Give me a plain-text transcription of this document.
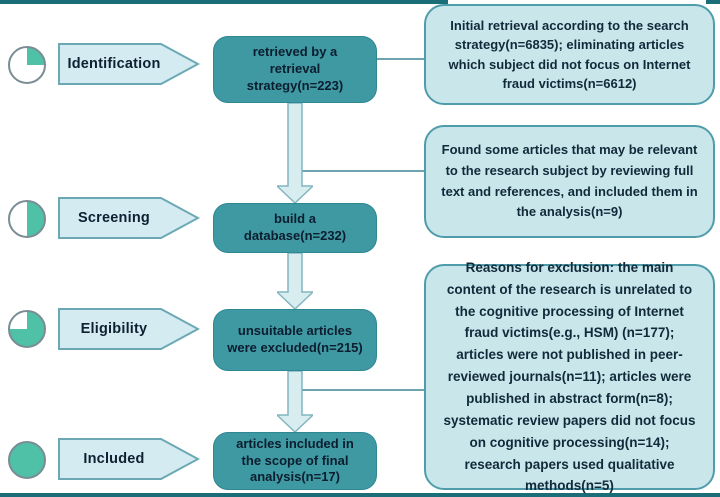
Identification
Screening
Eligibility
Included
retrieved by a retrieval strategy(n=223)
build a database(n=232)
unsuitable articles were excluded(n=215)
articles included in the scope of final analysis(n=17)
Initial retrieval according to the search strategy(n=6835); eliminating articles which subject did not focus on Internet fraud victims(n=6612)
Found some articles that may be relevant to the research subject by reviewing full text and references, and included them in the analysis(n=9)
Reasons for exclusion: the main content of the research is unrelated to the cognitive processing of Internet fraud victims(e.g., HSM) (n=177); articles were not published in peer-reviewed journals(n=11); articles were published in abstract form(n=8); systematic review papers did not focus on cognitive processing(n=14); research papers used qualitative methods(n=5)
